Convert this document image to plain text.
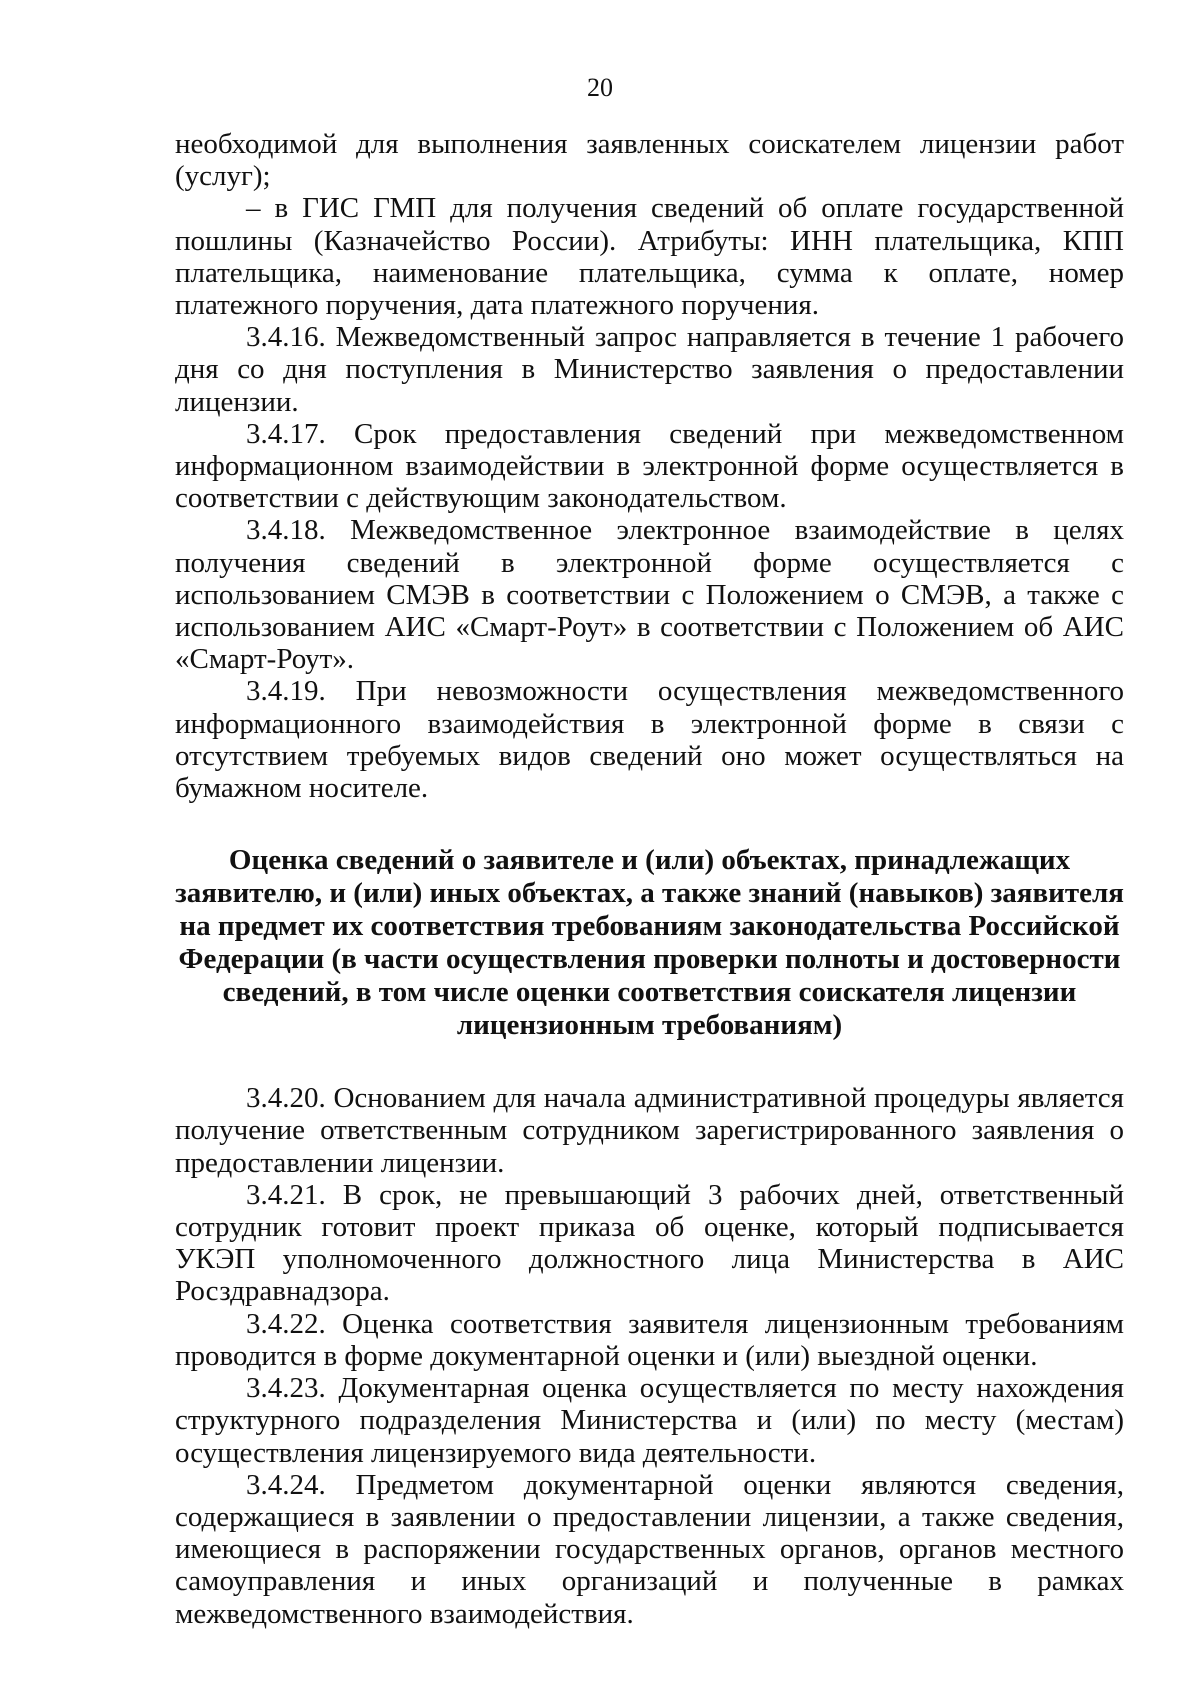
20

необходимой для выполнения заявленных соискателем лицензии работ (услуг);

– в ГИС ГМП для получения сведений об оплате государственной пошлины (Казначейство России). Атрибуты: ИНН плательщика, КПП плательщика, наименование плательщика, сумма к оплате, номер платежного поручения, дата платежного поручения.

3.4.16. Межведомственный запрос направляется в течение 1 рабочего дня со дня поступления в Министерство заявления о предоставлении лицензии.

3.4.17. Срок предоставления сведений при межведомственном информационном взаимодействии в электронной форме осуществляется в соответствии с действующим законодательством.

3.4.18. Межведомственное электронное взаимодействие в целях получения сведений в электронной форме осуществляется с использованием СМЭВ в соответствии с Положением о СМЭВ, а также с использованием АИС «Смарт-Роут» в соответствии с Положением об АИС «Смарт-Роут».

3.4.19. При невозможности осуществления межведомственного информационного взаимодействия в электронной форме в связи с отсутствием требуемых видов сведений оно может осуществляться на бумажном носителе.

Оценка сведений о заявителе и (или) объектах, принадлежащих заявителю, и (или) иных объектах, а также знаний (навыков) заявителя на предмет их соответствия требованиям законодательства Российской Федерации (в части осуществления проверки полноты и достоверности сведений, в том числе оценки соответствия соискателя лицензии лицензионным требованиям)

3.4.20. Основанием для начала административной процедуры является получение ответственным сотрудником зарегистрированного заявления о предоставлении лицензии.

3.4.21. В срок, не превышающий 3 рабочих дней, ответственный сотрудник готовит проект приказа об оценке, который подписывается УКЭП уполномоченного должностного лица Министерства в АИС Росздравнадзора.

3.4.22. Оценка соответствия заявителя лицензионным требованиям проводится в форме документарной оценки и (или) выездной оценки.

3.4.23. Документарная оценка осуществляется по месту нахождения структурного подразделения Министерства и (или) по месту (местам) осуществления лицензируемого вида деятельности.

3.4.24. Предметом документарной оценки являются сведения, содержащиеся в заявлении о предоставлении лицензии, а также сведения, имеющиеся в распоряжении государственных органов, органов местного самоуправления и иных организаций и полученные в рамках межведомственного взаимодействия.
